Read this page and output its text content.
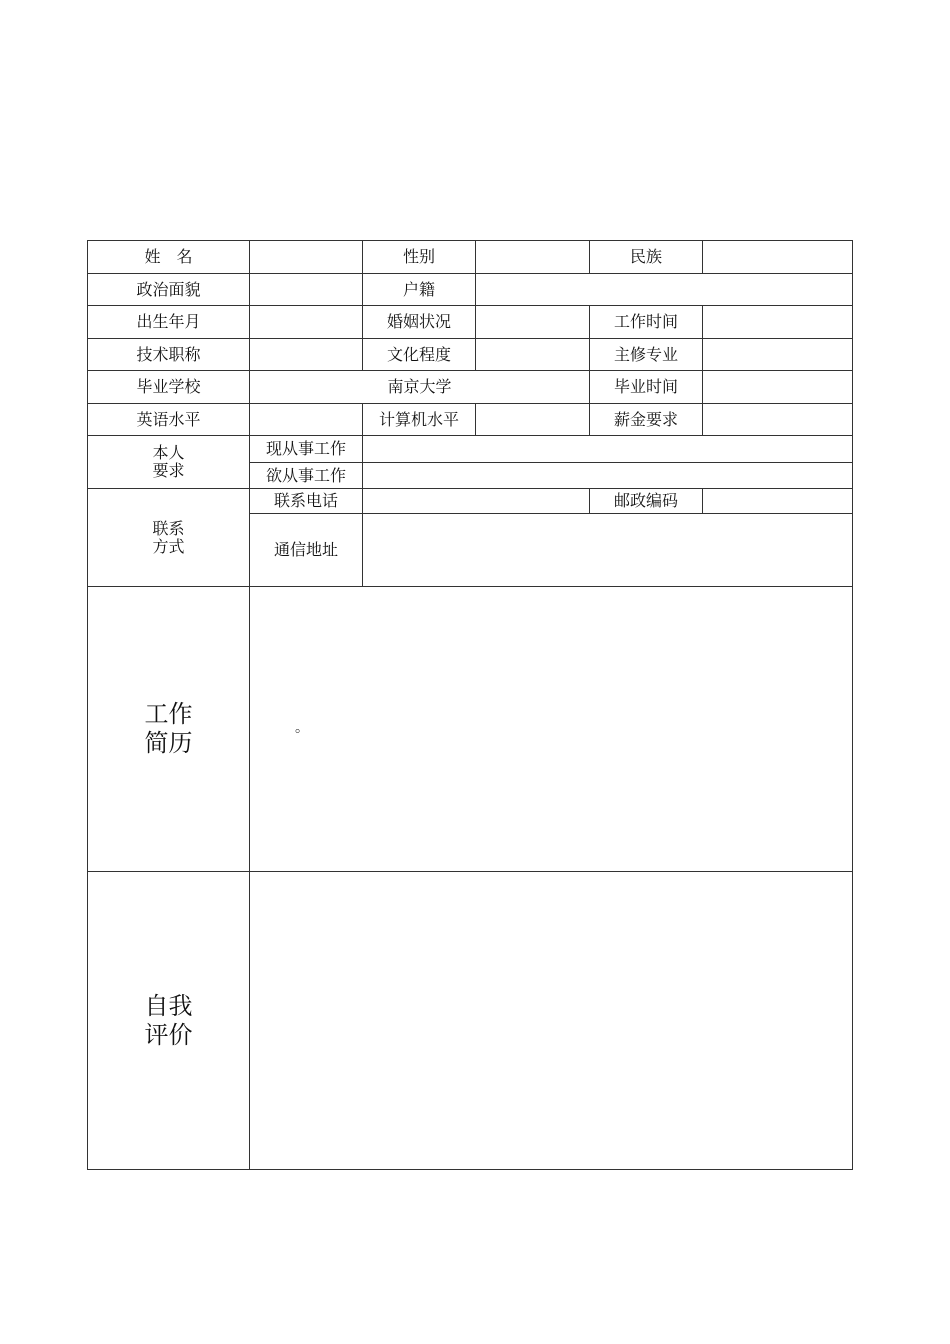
姓　名		性别		民族	
政治面貌		户籍			
出生年月		婚姻状况		工作时间	
技术职称		文化程度		主修专业	
毕业学校	南京大学			毕业时间	
英语水平		计算机水平		薪金要求	

本人
要求	现从事工作				
	欲从事工作				

联系
方式	联系电话			邮政编码	
	通信地址				

工作
简历	。				

自我
评价					
